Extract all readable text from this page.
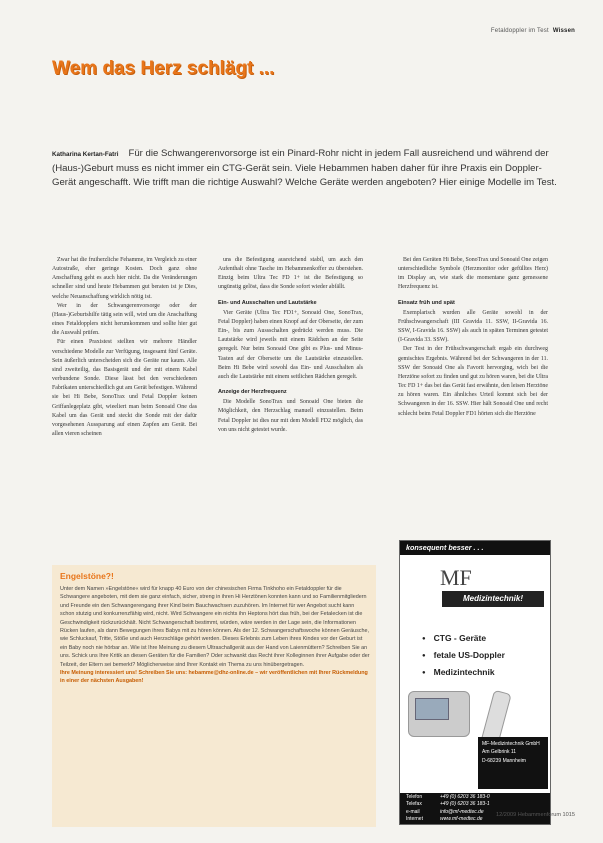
Fetaldoppler im Test Wissen
Wem das Herz schlägt ...
Katharina Kertan-Fatri Für die Schwangerenvorsorge ist ein Pinard-Rohr nicht in jedem Fall ausreichend und während der (Haus-)Geburt muss es nicht immer ein CTG-Gerät sein. Viele Hebammen haben daher für ihre Praxis ein Doppler-Gerät angeschafft. Wie trifft man die richtige Auswahl? Welche Geräte werden angeboten? Hier einige Modelle im Test.

Zwar hat die fruiherzliche Fehamme, im Vergleich zu einer Autostraße, eher geringe Kosten. Doch ganz ohne Anschaffung geht es auch hier nicht. Da die Veränderungen schneller sind und heute Hebammen gut beraten ist je Dies, welche Neuanschaffung wirklich nötig ist.

Wer in der Schwangerenvorsorge oder der (Haus-)Geburtshilfe tätig sein will, wird um die Anschaffung eines Fetaldopplers nicht herumkommen und sollte hier gut die Auswahl prüfen.

Für einen Praxistest stellten wir mehrere Händler verschiedene Modelle zur Verfügung, insgesamt fünf Geräte. Sein äußerlich unterscheiden sich die Geräte nur kaum. Alle sind zweiteilig, das Basisgerät und der mit einem Kabel verbundene Sonde. Diese lässt bei den verschiedenen Fabrikaten unterschiedlich gut am Gerät befestigen. Während sie bei Hi Bebe, SonoTrax und Fetal Doppler keinen Griffanlegeplatz gibt, wieeliert man beim Sonoaid One das Kabel um das Gerät und steckt die Sonde mit der dafür vorgesehenen Aussparung auf einen Zapfen am Gerät. Bei allen vieren scheinen

uns die Befestigung ausreichend stabil, um auch den Aufenthalt ohne Tasche im Hebammenkoffer zu überstehen. Einzig beim Ultra Tec FD 1+ ist die Befestigung so ungünstig gelöst, dass die Sonde sofort wieder abfällt.

Ein- und Ausschalten und Lautstärke

Vier Geräte (Ultra Tec FD1+, Sonoaid One, SonoTrax, Fetal Doppler) haben einen Knopf auf der Oberseite, der zum Ein-, bis zum Aussschalten gedrückt werden muss. Die Lautstärke wird jeweils mit einem Rädchen an der Seite geregelt. Nur beim Sonoaid One gibt es Plus- und Minus-Tasten auf der Oberseite um die Lautstärke einzustellen. Beim Hi Bebe wird sowohl das Ein- und Ausschalten als auch die Lautstärke mit einem seitlichen Rädchen geregelt.

Anzeige der Herzfrequenz

Die Modelle SonoTrax und Sonoaid One bieten die Möglichkeit, den Herzschlag manuell einzustellen. Beim Fetal Doppler ist dies nur mit dem Modell FD2 möglich, das von uns nicht getestet wurde.

Bei den Geräten Hi Bebe, SonoTrax und Sonoaid One zeigen unterschiedliche Symbole (Herzmonitor oder gefülltes Herz) im Display an, wie stark die momentane ganz gemessene Herzfrequenz ist.

Einsatz früh und spät

Exemplarisch wurden alle Geräte sowohl in der Frühschwangerschaft (III Gravida 11. SSW, II-Gravida 16. SSW, I-Gravida 16. SSW) als auch in späten Terminen getestet (I-Gravida 33. SSW).

Der Test in der Frühschwangerschaft ergab ein durchweg gemischtes Ergebnis. Während bei der Schwangeren in der 11. SSW der Sonoaid One als Favorit hervorging, wich bei die Herztöne sofort zu finden und gut zu hören waren, bei die Ultra Tec FD 1+ das bei das Gerät fast erwähnte, den leisen Herztöne zu hören waren. Ein ähnliches Urteil kommt sich bei der Schwangeren in der 16. SSW. Hier hält Sonoaid One und recht schlecht beim Fetal Doppler FD1 hörten sich die Herztöne

Engelstöne?!
Unter dem Namen »Engelstöne« wird für knapp 40 Euro von der chinesischen Firma Tinkhoho ein Fetaldoppler für die Schwangere angeboten, mit dem sie ganz einfach, sicher, streng in ihren Hi Herztönen konnten kann und so Familienmitgliedern und Freunde ein den Schwangerengang ihrer Kind beim Bauchwachsen zuzuhören. Im Internet für wer Angebot sucht kann schon stutzig und konkurrenzfähig wird, nicht. Wird Schwangere ein nichts ihn Heptons hört das früh, bei der Fetalecken ist die Geschwindigkeit rückzurückhält. Nicht Schwangerschaft bestimmt, würden, wäre werden in der Lage sein, die Informationen Rücken laufen, als dann Bewegungen ihres Babys mit zu hören können. Als der 12. Schwangerschaftswoche können Geräusche, wie Schluckauf, Tritte, Stöße und auch Herzschläge gehört werden. Dieses Erlebnis zum Leben ihres Kindes vor der Geburt ist ein Baby noch nie hörbar an. Wie ist Ihre Meinung zu diesem Ultraschallgerät aus der Hand von Laienmüttern? Schreiben Sie an uns. Schick uns Ihre Kritik an diesen Geräten für die Familien? Oder schwankt das Recht ihrer Kolleginnen ihrer Aufgabe oder der Teilzeit, der Eltern sei bemerkt? Möglicherweise sind Ihrer Kontakt ein Thema zu uns hinübergetragen.
Ihre Meinung interessiert uns! Schreiben Sie uns: hebamme@dhz-online.de – wir veröffentlichen mit Ihrer Rückmeldung in einer der nächsten Ausgaben!
konsequent besser . . .
MF
Medizintechnik!
● CTG - Geräte
● fetale US-Doppler
● Medizintechnik
MF-Medizintechnik GmbH
Am Gelbrink 11
D-68239 Mannheim
Telefon	+49 (0) 6203 36 183-0
Telefax	+49 (0) 6203 36 183-1
e-mail	info@mf-medtec.de
Internet	www.mf-medtec.de
12/2009 Hebammenforum 1015
